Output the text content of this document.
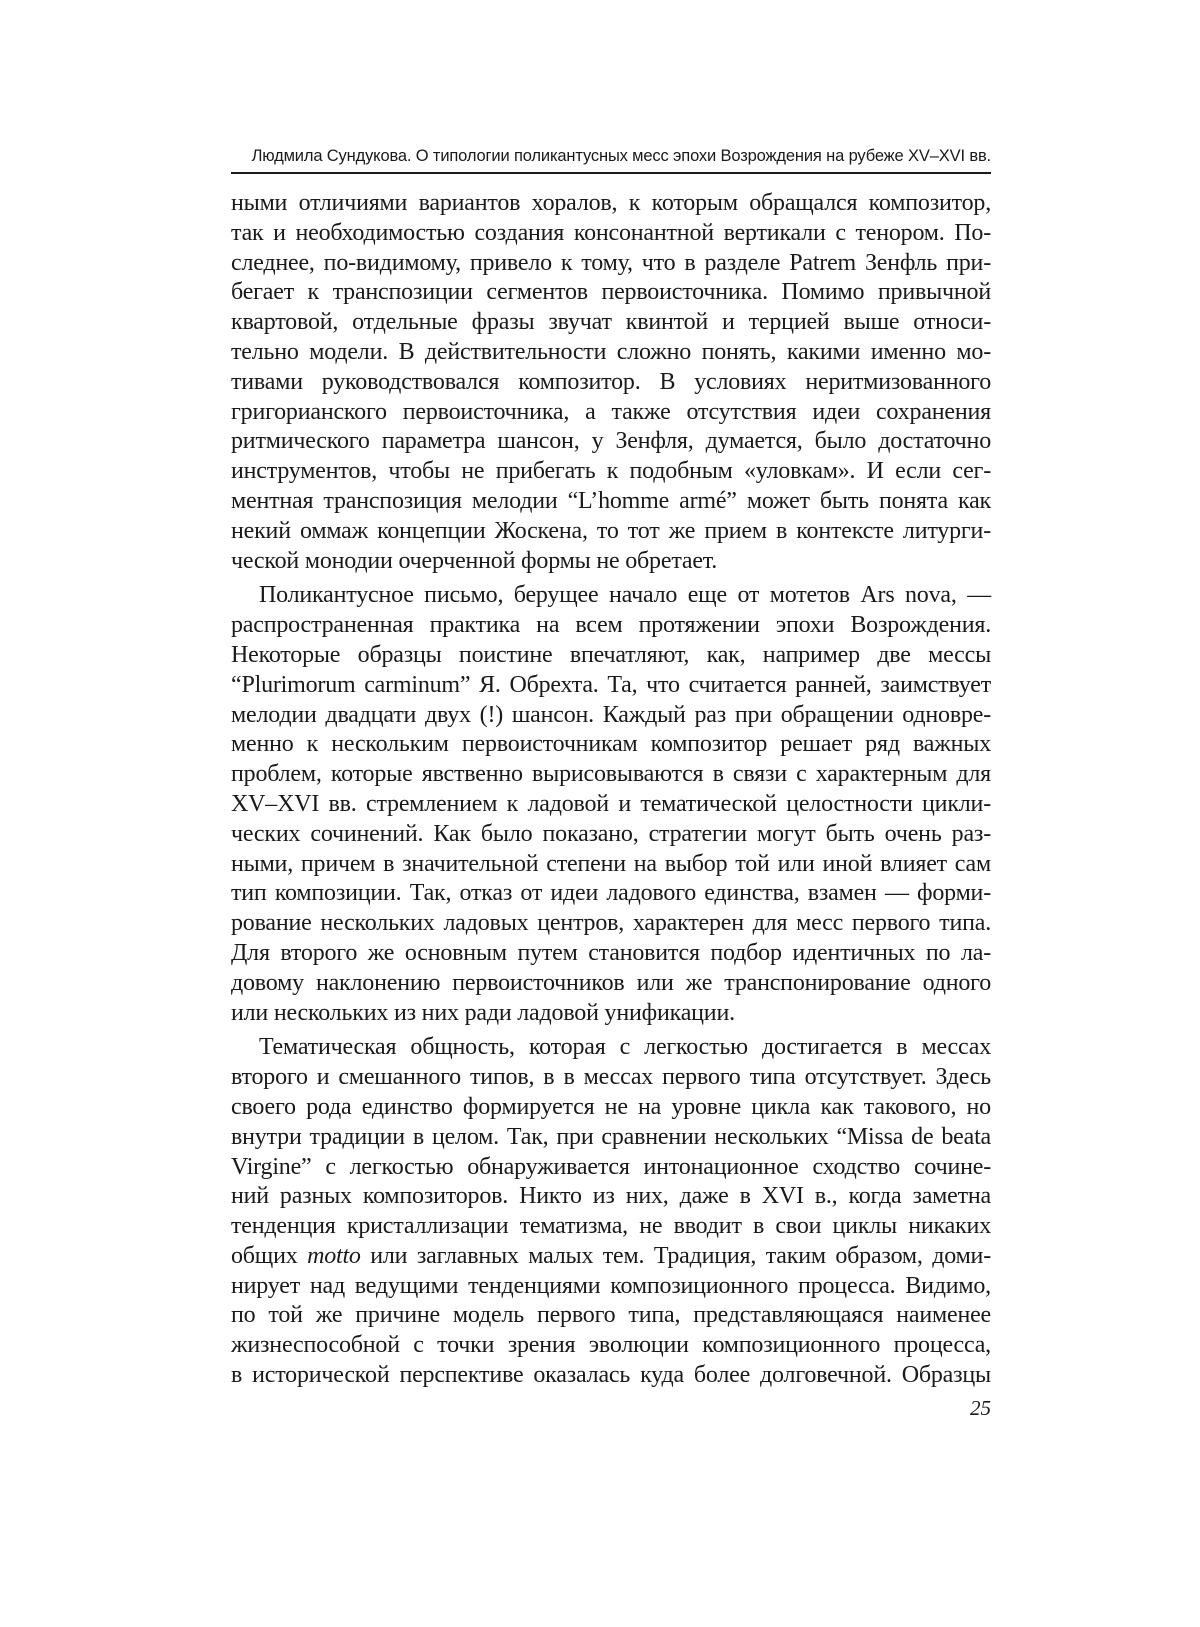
Людмила Сундукова. О типологии поликантусных месс эпохи Возрождения на рубеже XV–XVI вв.

ными отличиями вариантов хоралов, к которым обращался композитор,
так и необходимостью создания консонантной вертикали с тенором. По-
следнее, по-видимому, привело к тому, что в разделе Patrem Зенфль при-
бегает к транспозиции сегментов первоисточника. Помимо привычной
квартовой, отдельные фразы звучат квинтой и терцией выше относи-
тельно модели. В действительности сложно понять, какими именно мо-
тивами руководствовался композитор. В условиях неритмизованного
григорианского первоисточника, а также отсутствия идеи сохранения
ритмического параметра шансон, у Зенфля, думается, было достаточно
инструментов, чтобы не прибегать к подобным «уловкам». И если сег-
ментная транспозиция мелодии “L’homme armé” может быть понята как
некий оммаж концепции Жоскена, то тот же прием в контексте литурги-
ческой монодии очерченной формы не обретает.

Поликантусное письмо, берущее начало еще от мотетов Ars nova, —
распространенная практика на всем протяжении эпохи Возрождения.
Некоторые образцы поистине впечатляют, как, например две мессы
“Plurimorum carminum” Я. Обрехта. Та, что считается ранней, заимствует
мелодии двадцати двух (!) шансон. Каждый раз при обращении одновре-
менно к нескольким первоисточникам композитор решает ряд важных
проблем, которые явственно вырисовываются в связи с характерным для
XV–XVI вв. стремлением к ладовой и тематической целостности цикли-
ческих сочинений. Как было показано, стратегии могут быть очень раз-
ными, причем в значительной степени на выбор той или иной влияет сам
тип композиции. Так, отказ от идеи ладового единства, взамен — форми-
рование нескольких ладовых центров, характерен для месс первого типа.
Для второго же основным путем становится подбор идентичных по ла-
довому наклонению первоисточников или же транспонирование одного
или нескольких из них ради ладовой унификации.

Тематическая общность, которая с легкостью достигается в мессах
второго и смешанного типов, в в мессах первого типа отсутствует. Здесь
своего рода единство формируется не на уровне цикла как такового, но
внутри традиции в целом. Так, при сравнении нескольких “Missa de beata
Virgine” с легкостью обнаруживается интонационное сходство сочине-
ний разных композиторов. Никто из них, даже в XVI в., когда заметна
тенденция кристаллизации тематизма, не вводит в свои циклы никаких
общих motto или заглавных малых тем. Традиция, таким образом, доми-
нирует над ведущими тенденциями композиционного процесса. Видимо,
по той же причине модель первого типа, представляющаяся наименее
жизнеспособной с точки зрения эволюции композиционного процесса,
в исторической перспективе оказалась куда более долговечной. Образцы

25
